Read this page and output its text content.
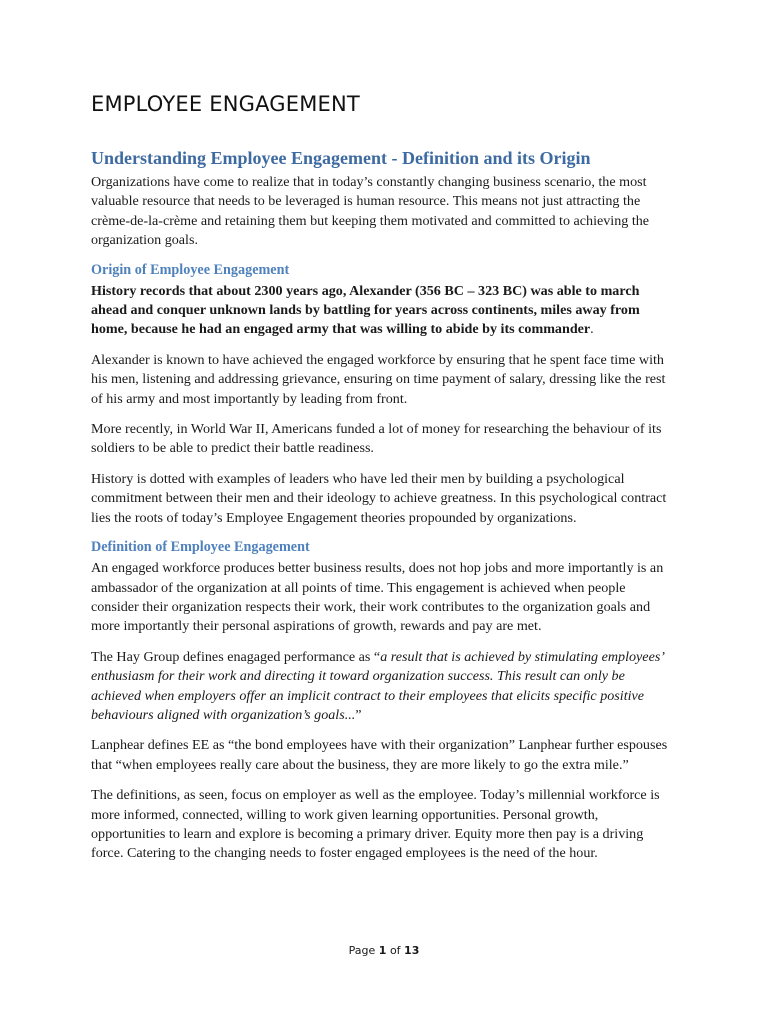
EMPLOYEE ENGAGEMENT
Understanding Employee Engagement - Definition and its Origin

Organizations have come to realize that in today’s constantly changing business scenario, the most valuable resource that needs to be leveraged is human resource. This means not just attracting the crème-de-la-crème and retaining them but keeping them motivated and committed to achieving the organization goals.

Origin of Employee Engagement

History records that about 2300 years ago, Alexander (356 BC – 323 BC) was able to march ahead and conquer unknown lands by battling for years across continents, miles away from home, because he had an engaged army that was willing to abide by its commander.

Alexander is known to have achieved the engaged workforce by ensuring that he spent face time with his men, listening and addressing grievance, ensuring on time payment of salary, dressing like the rest of his army and most importantly by leading from front.

More recently, in World War II, Americans funded a lot of money for researching the behaviour of its soldiers to be able to predict their battle readiness.

History is dotted with examples of leaders who have led their men by building a psychological commitment between their men and their ideology to achieve greatness. In this psychological contract lies the roots of today’s Employee Engagement theories propounded by organizations.

Definition of Employee Engagement

An engaged workforce produces better business results, does not hop jobs and more importantly is an ambassador of the organization at all points of time. This engagement is achieved when people consider their organization respects their work, their work contributes to the organization goals and more importantly their personal aspirations of growth, rewards and pay are met.

The Hay Group defines enagaged performance as “a result that is achieved by stimulating employees’ enthusiasm for their work and directing it toward organization success. This result can only be achieved when employers offer an implicit contract to their employees that elicits specific positive behaviours aligned with organization’s goals...”

Lanphear defines EE as “the bond employees have with their organization” Lanphear further espouses that “when employees really care about the business, they are more likely to go the extra mile.”

The definitions, as seen, focus on employer as well as the employee. Today’s millennial workforce is more informed, connected, willing to work given learning opportunities. Personal growth, opportunities to learn and explore is becoming a primary driver. Equity more then pay is a driving force. Catering to the changing needs to foster engaged employees is the need of the hour.

Page 1 of 13
